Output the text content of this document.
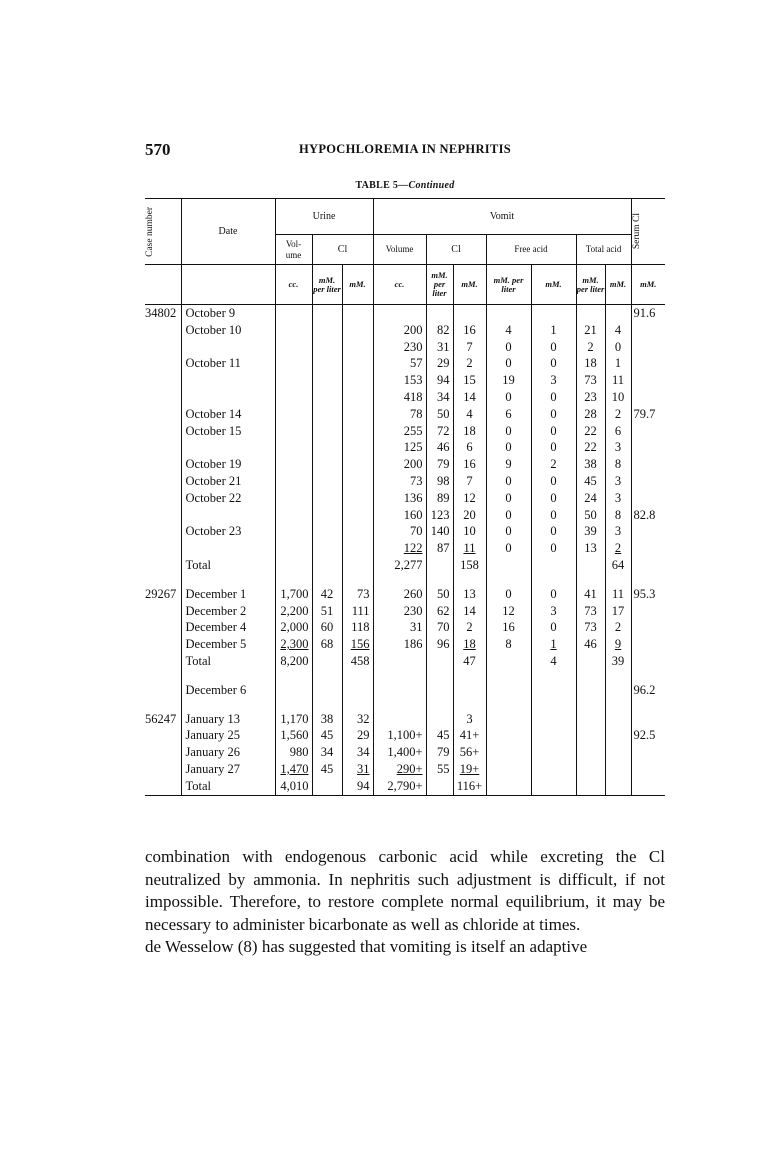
570	HYPOCHLOREMIA IN NEPHRITIS
TABLE 5—Continued
Case number	Date	Urine			Vomit							Serum Cl

		Vol-ume	Cl		Volume	Cl		Free acid		Total acid		
		cc.	mM. per liter	mM.	cc.	mM. per liter	mM.	mM. per liter	mM.	mM. per liter	mM.	mM.
34802	October 9											91.6
	October 10				200	82	16	4	1	21	4	
					230	31	7	0	0	2	0	
	October 11				57	29	2	0	0	18	1	
					153	94	15	19	3	73	11	
					418	34	14	0	0	23	10	
	October 14				78	50	4	6	0	28	2	79.7
	October 15				255	72	18	0	0	22	6	
					125	46	6	0	0	22	3	
	October 19				200	79	16	9	2	38	8	
	October 21				73	98	7	0	0	45	3	
	October 22				136	89	12	0	0	24	3	
					160	123	20	0	0	50	8	82.8
	October 23				70	140	10	0	0	39	3	
					122	87	11	0	0	13	2	
	Total				2,277		158				64	

29267	December 1	1,700	42	73	260	50	13	0	0	41	11	95.3
	December 2	2,200	51	111	230	62	14	12	3	73	17	
	December 4	2,000	60	118	31	70	2	16	0	73	2	
	December 5	2,300	68	156	186	96	18	8	1	46	9	
	Total	8,200		458			47		4		39	

	December 6											96.2

56247	January 13	1,170	38	32			3					
	January 25	1,560	45	29	1,100+	45	41+					92.5
	January 26	980	34	34	1,400+	79	56+					
	January 27	1,470	45	31	290+	55	19+					
	Total	4,010		94	2,790+		116+					

combination with endogenous carbonic acid while excreting the Cl neutralized by ammonia. In nephritis such adjustment is difficult, if not impossible. Therefore, to restore complete normal equilibrium, it may be necessary to administer bicarbonate as well as chloride at times.

de Wesselow (8) has suggested that vomiting is itself an adaptive
